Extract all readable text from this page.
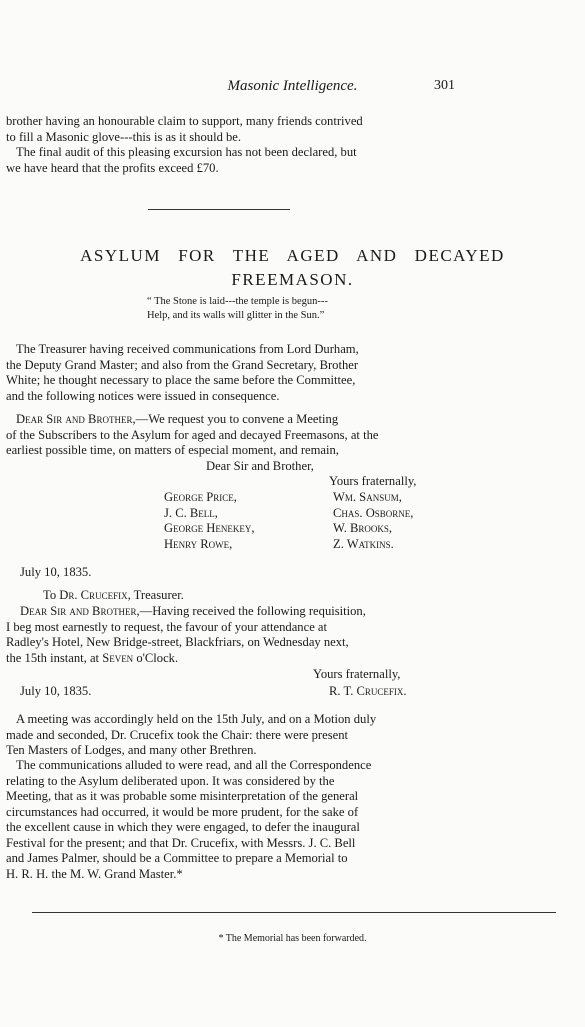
Masonic Intelligence.	301
brother having an honourable claim to support, many friends contrived
to fill a Masonic glove---this is as it should be.
The final audit of this pleasing excursion has not been declared, but
we have heard that the profits exceed £70.
ASYLUM   FOR   THE   AGED   AND   DECAYED
FREEMASON.
“ The Stone is laid---the temple is begun---
Help, and its walls will glitter in the Sun.”
The Treasurer having received communications from Lord Durham,
the Deputy Grand Master; and also from the Grand Secretary, Brother
White; he thought necessary to place the same before the Committee,
and the following notices were issued in consequence.
Dear Sir and Brother,—We request you to convene a Meeting
of the Subscribers to the Asylum for aged and decayed Freemasons, at the
earliest possible time, on matters of especial moment, and remain,
Dear Sir and Brother,
Yours fraternally,
George Price,
J. C. Bell,
George Henekey,
Henry Rowe,
Wm. Sansum,
Chas. Osborne,
W. Brooks,
Z. Watkins.
July 10, 1835.
To Dr. Crucefix, Treasurer.
Dear Sir and Brother,—Having received the following requisition,
I beg most earnestly to request, the favour of your attendance at
Radley's Hotel, New Bridge-street, Blackfriars, on Wednesday next,
the 15th instant, at Seven o'Clock.
Yours fraternally,
July 10, 1835.	R. T. Crucefix.
A meeting was accordingly held on the 15th July, and on a Motion duly
made and seconded, Dr. Crucefix took the Chair: there were present
Ten Masters of Lodges, and many other Brethren.
The communications alluded to were read, and all the Correspondence
relating to the Asylum deliberated upon. It was considered by the
Meeting, that as it was probable some misinterpretation of the general
circumstances had occurred, it would be more prudent, for the sake of
the excellent cause in which they were engaged, to defer the inaugural
Festival for the present; and that Dr. Crucefix, with Messrs. J. C. Bell
and James Palmer, should be a Committee to prepare a Memorial to
H. R. H. the M. W. Grand Master.*
* The Memorial has been forwarded.
